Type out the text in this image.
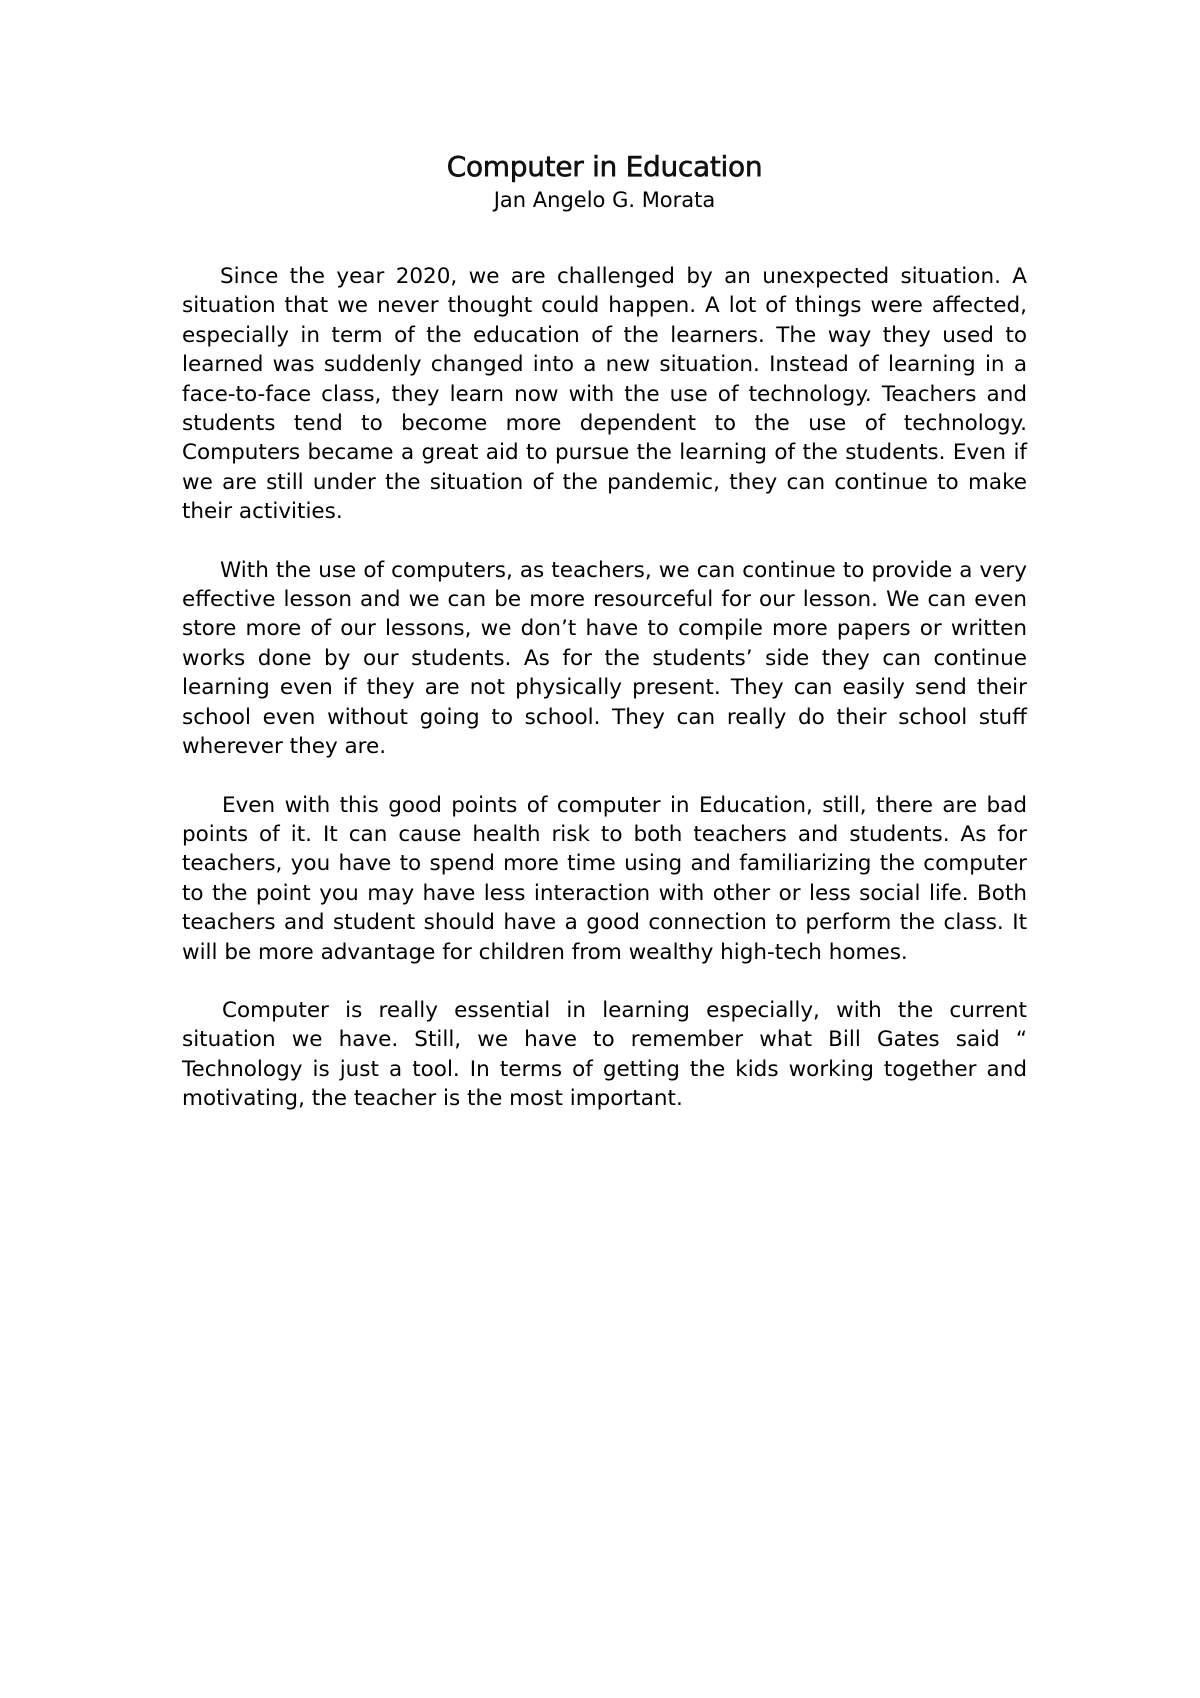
Computer in Education
Jan Angelo G. Morata

Since the year 2020, we are challenged by an unexpected situation. A situation that we never thought could happen. A lot of things were affected, especially in term of the education of the learners. The way they used to learned was suddenly changed into a new situation. Instead of learning in a face-to-face class, they learn now with the use of technology. Teachers and students tend to become more dependent to the use of technology. Computers became a great aid to pursue the learning of the students. Even if we are still under the situation of the pandemic, they can continue to make their activities.

With the use of computers, as teachers, we can continue to provide a very effective lesson and we can be more resourceful for our lesson. We can even store more of our lessons, we don’t have to compile more papers or written works done by our students. As for the students’ side they can continue learning even if they are not physically present. They can easily send their school even without going to school. They can really do their school stuff wherever they are.

Even with this good points of computer in Education, still, there are bad points of it. It can cause health risk to both teachers and students. As for teachers, you have to spend more time using and familiarizing the computer to the point you may have less interaction with other or less social life. Both teachers and student should have a good connection to perform the class. It will be more advantage for children from wealthy high-tech homes.

Computer is really essential in learning especially, with the current situation we have. Still, we have to remember what Bill Gates said “ Technology is just a tool. In terms of getting the kids working together and motivating, the teacher is the most important.
